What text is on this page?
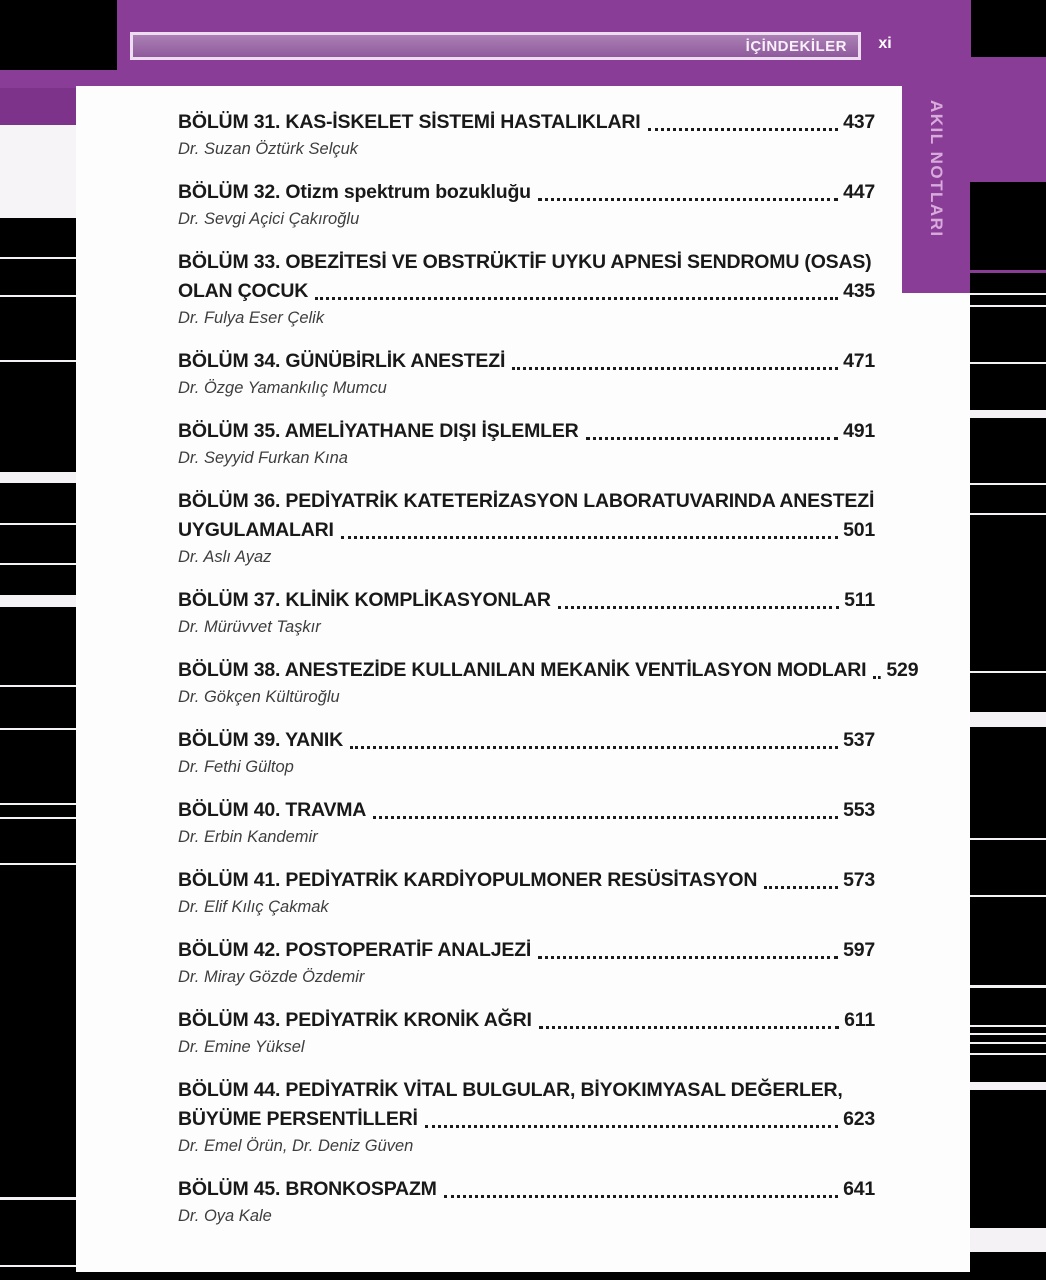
İÇİNDEKİLER	xi
BÖLÜM 31. KAS-İSKELET SİSTEMİ HASTALIKLARI	437
Dr. Suzan Öztürk Selçuk
BÖLÜM 32. Otizm spektrum bozukluğu	447
Dr. Sevgi Açici Çakıroğlu
BÖLÜM 33. OBEZİTESİ VE OBSTRÜKTİF UYKU APNESİ SENDROMU (OSAS)
OLAN ÇOCUK	435
Dr. Fulya Eser Çelik
BÖLÜM 34. GÜNÜBİRLİK ANESTEZİ	471
Dr. Özge Yamankılıç Mumcu
BÖLÜM 35. AMELİYATHANE DIŞI İŞLEMLER	491
Dr. Seyyid Furkan Kına
BÖLÜM 36. PEDİYATRİK KATETERİZASYON LABORATUVARINDA ANESTEZİ
UYGULAMALARI	501
Dr. Aslı Ayaz
BÖLÜM 37. KLİNİK KOMPLİKASYONLAR	511
Dr. Mürüvvet Taşkır
BÖLÜM 38. ANESTEZİDE KULLANILAN MEKANİK VENTİLASYON MODLARI 529
Dr. Gökçen Kültüroğlu
BÖLÜM 39. YANIK	537
Dr. Fethi Gültop
BÖLÜM 40. TRAVMA	553
Dr. Erbin Kandemir
BÖLÜM 41. PEDİYATRİK KARDİYOPULMONER RESÜSİTASYON	573
Dr. Elif Kılıç Çakmak
BÖLÜM 42. POSTOPERATİF ANALJEZİ	597
Dr. Miray Gözde Özdemir
BÖLÜM 43. PEDİYATRİK KRONİK AĞRI	611
Dr. Emine Yüksel
BÖLÜM 44. PEDİYATRİK VİTAL BULGULAR, BİYOKIMYASAL DEĞERLER,
BÜYÜME PERSENTİLLERİ	623
Dr. Emel Örün, Dr. Deniz Güven
BÖLÜM 45. BRONKOSPAZM	641
Dr. Oya Kale
AKIL NOTLARI
